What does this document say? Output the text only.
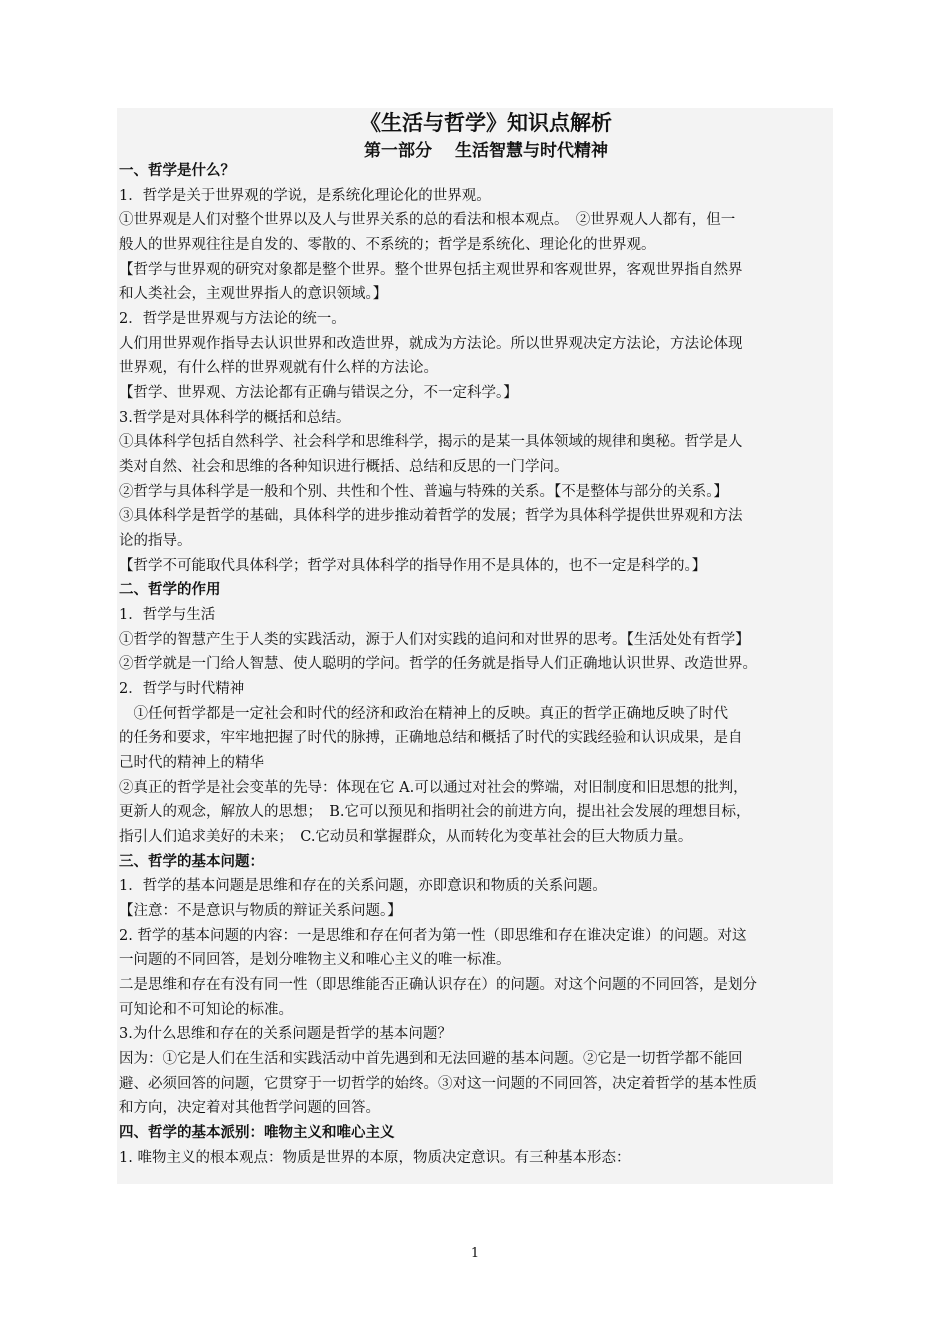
《生活与哲学》知识点解析
第一部分　 生活智慧与时代精神
一、哲学是什么？
1．哲学是关于世界观的学说，是系统化理论化的世界观。
①世界观是人们对整个世界以及人与世界关系的总的看法和根本观点。　②世界观人人都有，但一
般人的世界观往往是自发的、零散的、不系统的；哲学是系统化、理论化的世界观。
【哲学与世界观的研究对象都是整个世界。整个世界包括主观世界和客观世界，客观世界指自然界
和人类社会，主观世界指人的意识领域。】
2．哲学是世界观与方法论的统一。
人们用世界观作指导去认识世界和改造世界，就成为方法论。所以世界观决定方法论，方法论体现
世界观，有什么样的世界观就有什么样的方法论。
【哲学、世界观、方法论都有正确与错误之分，不一定科学。】
3.哲学是对具体科学的概括和总结。
①具体科学包括自然科学、社会科学和思维科学，揭示的是某一具体领域的规律和奥秘。哲学是人
类对自然、社会和思维的各种知识进行概括、总结和反思的一门学问。
②哲学与具体科学是一般和个别、共性和个性、普遍与特殊的关系。【不是整体与部分的关系。】
③具体科学是哲学的基础，具体科学的进步推动着哲学的发展；哲学为具体科学提供世界观和方法
论的指导。
【哲学不可能取代具体科学；哲学对具体科学的指导作用不是具体的，也不一定是科学的。】
二、哲学的作用
1．哲学与生活
①哲学的智慧产生于人类的实践活动，源于人们对实践的追问和对世界的思考。【生活处处有哲学】
②哲学就是一门给人智慧、使人聪明的学问。哲学的任务就是指导人们正确地认识世界、改造世界。
2．哲学与时代精神
　①任何哲学都是一定社会和时代的经济和政治在精神上的反映。真正的哲学正确地反映了时代
的任务和要求，牢牢地把握了时代的脉搏，正确地总结和概括了时代的实践经验和认识成果，是自
己时代的精神上的精华
②真正的哲学是社会变革的先导：体现在它 A.可以通过对社会的弊端，对旧制度和旧思想的批判，
更新人的观念，解放人的思想；　B.它可以预见和指明社会的前进方向，提出社会发展的理想目标，
指引人们追求美好的未来；　C.它动员和掌握群众，从而转化为变革社会的巨大物质力量。
三、哲学的基本问题：
1．哲学的基本问题是思维和存在的关系问题，亦即意识和物质的关系问题。
【注意：不是意识与物质的辩证关系问题。】
2. 哲学的基本问题的内容：一是思维和存在何者为第一性（即思维和存在谁决定谁）的问题。对这
一问题的不同回答，是划分唯物主义和唯心主义的唯一标准。
二是思维和存在有没有同一性（即思维能否正确认识存在）的问题。对这个问题的不同回答，是划分
可知论和不可知论的标准。
3.为什么思维和存在的关系问题是哲学的基本问题？
因为：①它是人们在生活和实践活动中首先遇到和无法回避的基本问题。②它是一切哲学都不能回
避、必须回答的问题，它贯穿于一切哲学的始终。③对这一问题的不同回答，决定着哲学的基本性质
和方向，决定着对其他哲学问题的回答。
四、哲学的基本派别：唯物主义和唯心主义
1. 唯物主义的根本观点：物质是世界的本原，物质决定意识。有三种基本形态：
1
